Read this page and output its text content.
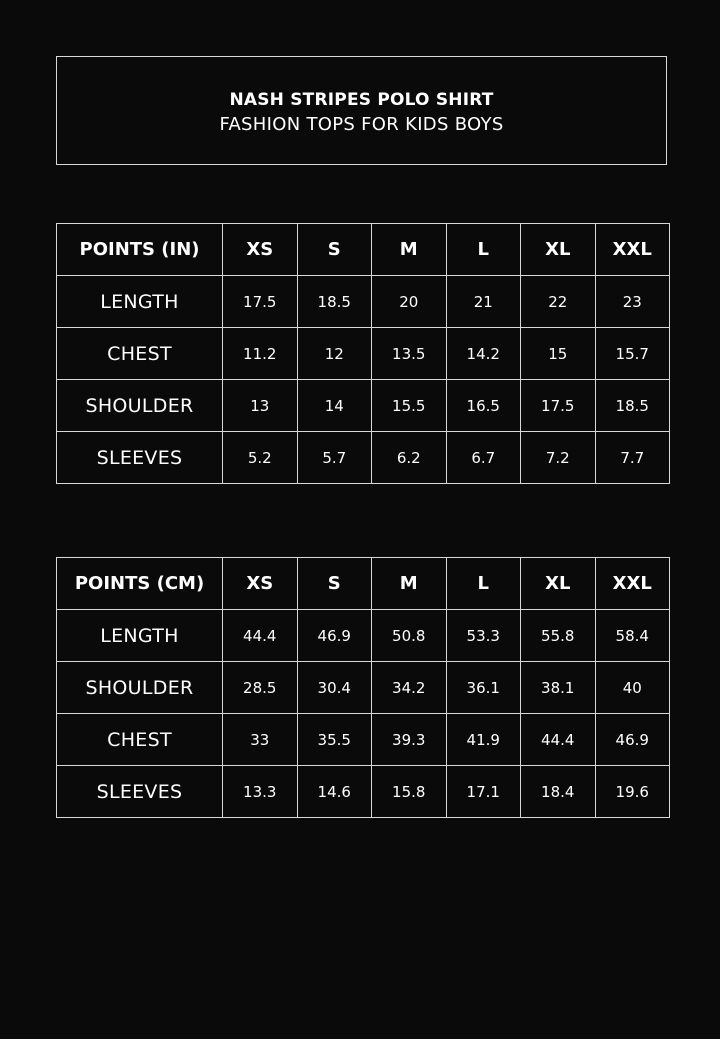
NASH STRIPES POLO SHIRT
FASHION TOPS FOR KIDS BOYS
POINTS (IN)	XS	S	M	L	XL	XXL
LENGTH	17.5	18.5	20	21	22	23
CHEST	11.2	12	13.5	14.2	15	15.7
SHOULDER	13	14	15.5	16.5	17.5	18.5
SLEEVES	5.2	5.7	6.2	6.7	7.2	7.7
POINTS (CM)	XS	S	M	L	XL	XXL
LENGTH	44.4	46.9	50.8	53.3	55.8	58.4
SHOULDER	28.5	30.4	34.2	36.1	38.1	40
CHEST	33	35.5	39.3	41.9	44.4	46.9
SLEEVES	13.3	14.6	15.8	17.1	18.4	19.6
